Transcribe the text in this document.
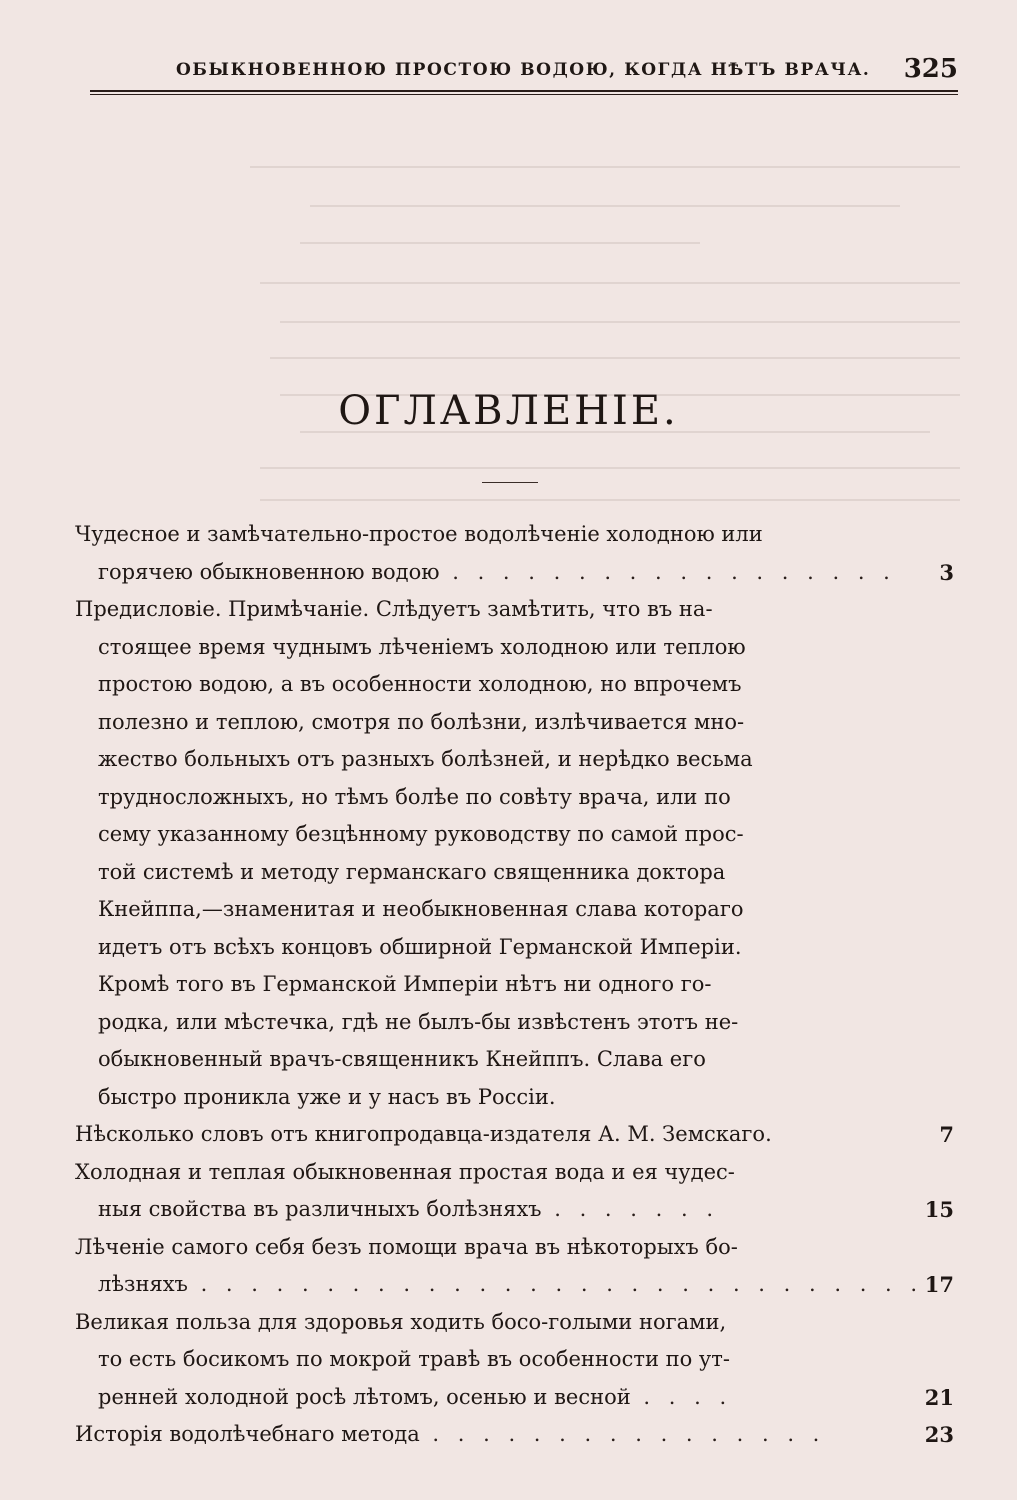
ОБЫКНОВЕННОЮ ПРОСТОЮ ВОДОЮ, КОГДА НѢТЪ ВРАЧА. 325
ОГЛАВЛЕНІЕ.
Чудесное и замѣчательно-простое водолѣченіе холодною или
горячею обыкновенною водою . . . . . . . . . . . . . . . . . .	3
Предисловіе. Примѣчаніе. Слѣдуетъ замѣтить, что въ на-
стоящее время чуднымъ лѣченіемъ холодною или теплою
простою водою, а въ особенности холодною, но впрочемъ
полезно и теплою, смотря по болѣзни, излѣчивается мно-
жество больныхъ отъ разныхъ болѣзней, и нерѣдко весьма
трудносложныхъ, но тѣмъ болѣе по совѣту врача, или по
сему указанному безцѣнному руководству по самой прос-
той системѣ и методу германскаго священника доктора
Кнейппа,—знаменитая и необыкновенная слава котораго
идетъ отъ всѣхъ концовъ обширной Германской Имперіи.
Кромѣ того въ Германской Имперіи нѣтъ ни одного го-
родка, или мѣстечка, гдѣ не былъ-бы извѣстенъ этотъ не-
обыкновенный врачъ-священникъ Кнейппъ. Слава его
быстро проникла уже и у насъ въ Россіи.
Нѣсколько словъ отъ книгопродавца-издателя А. М. Земскаго.	7
Холодная и теплая обыкновенная простая вода и ея чудес-
ныя свойства въ различныхъ болѣзняхъ . . . . . . .	15
Лѣченіе самого себя безъ помощи врача въ нѣкоторыхъ бо-
лѣзняхъ . . . . . . . . . . . . . . . . . . . . . . . . . . . . . 17
Великая польза для здоровья ходить босо-голыми ногами,
то есть босикомъ по мокрой травѣ въ особенности по ут-
ренней холодной росѣ лѣтомъ, осенью и весной . . . .	21
Исторія водолѣчебнаго метода . . . . . . . . . . . . . . . .	23
